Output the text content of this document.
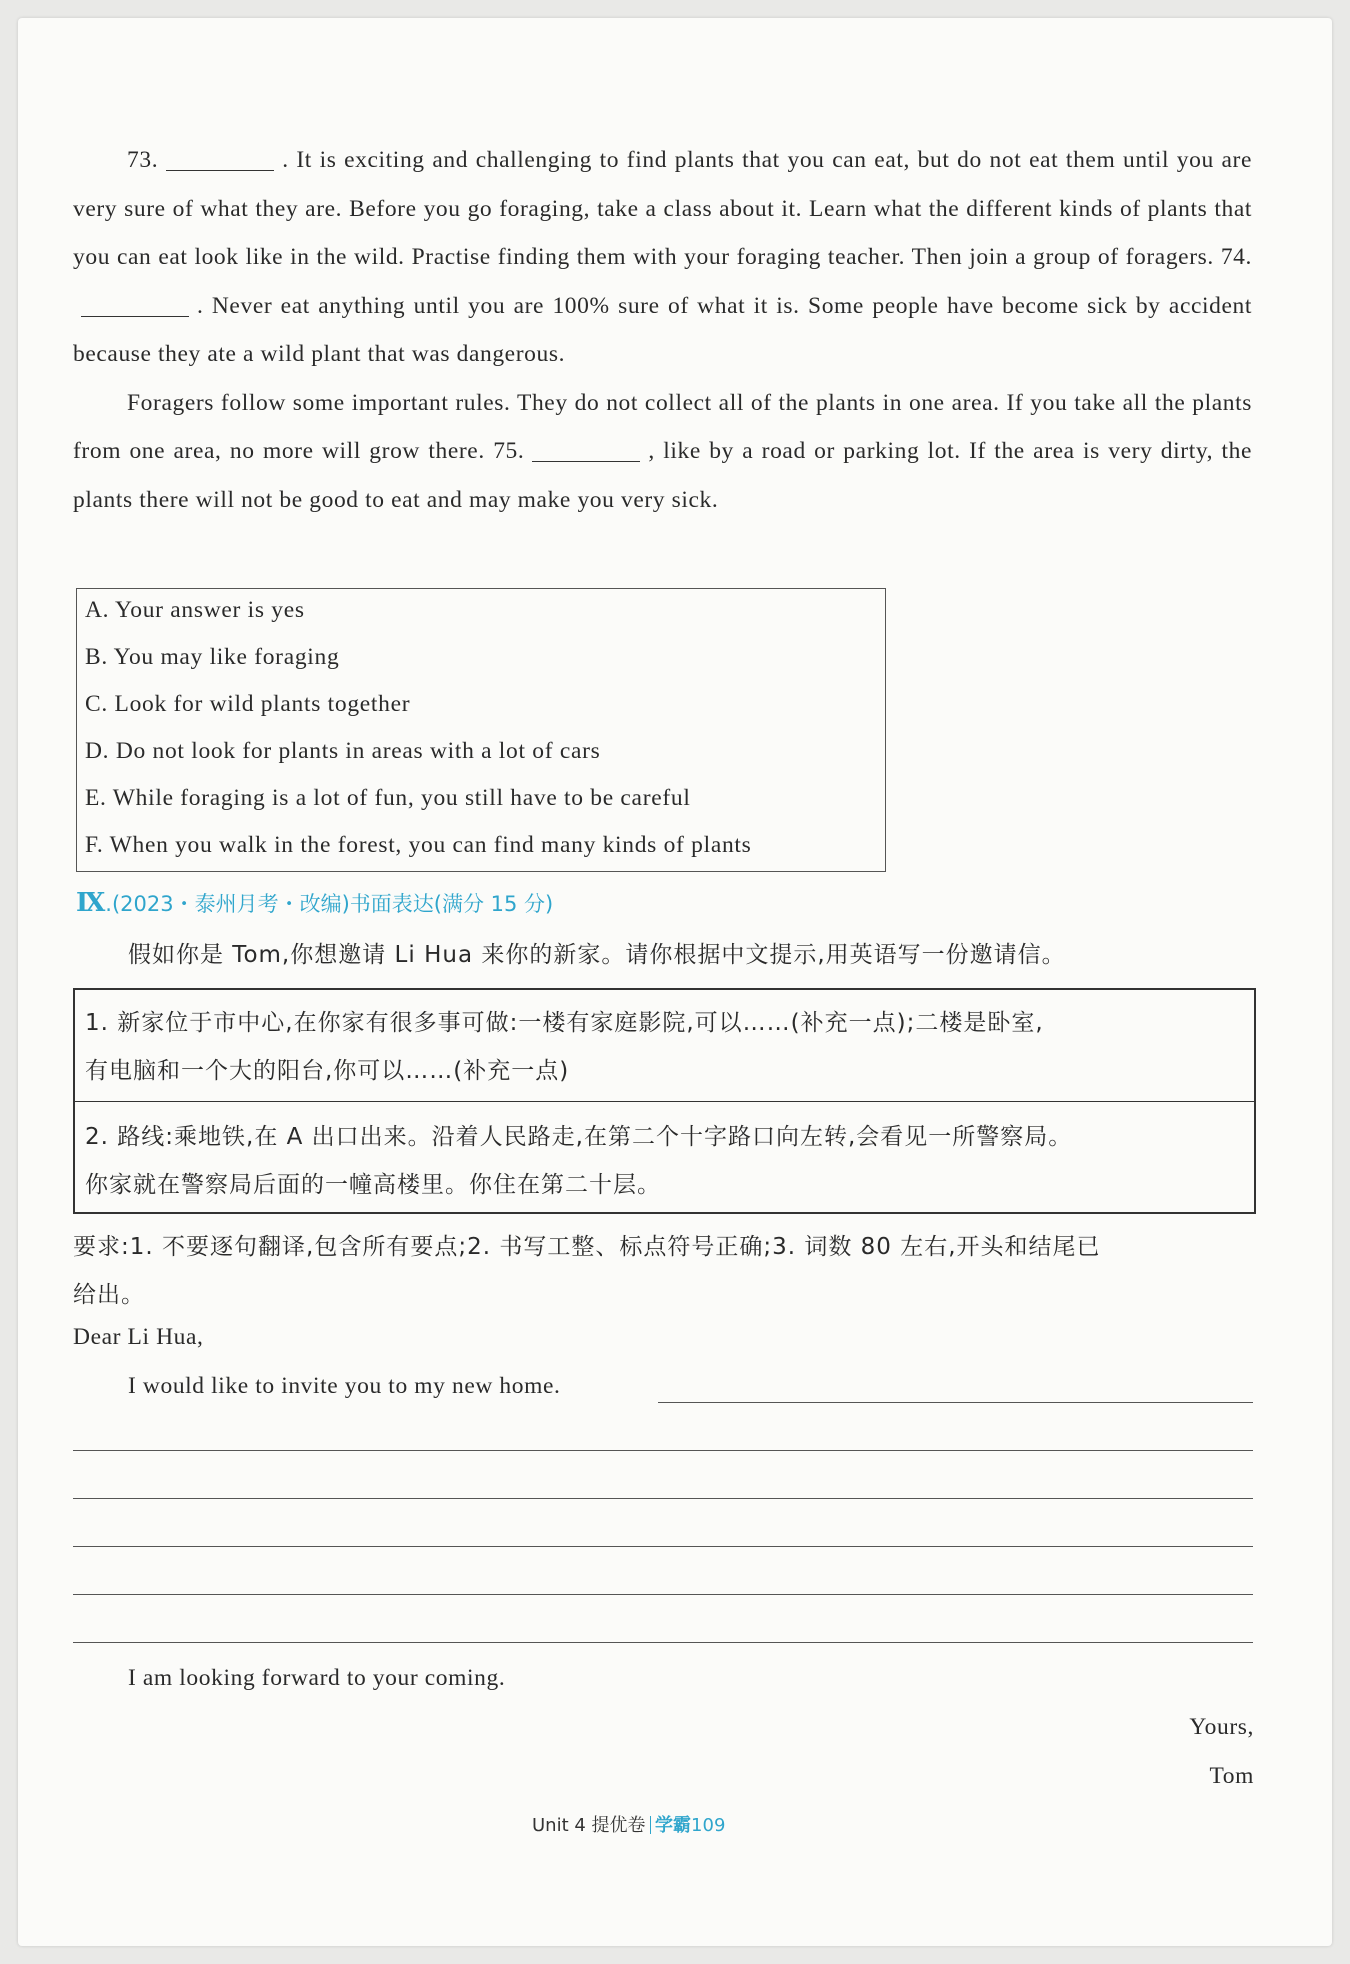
73.	. It is exciting and challenging to find plants that you can eat, but do not eat them until you are very sure of what they are. Before you go foraging, take a class about it. Learn what the different kinds of plants that you can eat look like in the wild. Practise finding them with your foraging teacher. Then join a group of foragers. 74.. Never eat anything until you are 100% sure of what it is. Some people have become sick by accident because they ate a wild plant that was dangerous.

Foragers follow some important rules. They do not collect all of the plants in one area. If you take all the plants from one area, no more will grow there. 75.	, like by a road or parking lot. If the area is very dirty, the plants there will not be good to eat and may make you very sick.

A. Your answer is yes
B. You may like foraging
C. Look for wild plants together
D. Do not look for plants in areas with a lot of cars
E. While foraging is a lot of fun, you still have to be careful
F. When you walk in the forest, you can find many kinds of plants
Ⅸ.(2023・泰州月考・改编)书面表达(满分 15 分)
假如你是 Tom,你想邀请 Li Hua 来你的新家。请你根据中文提示,用英语写一份邀请信。
1. 新家位于市中心,在你家有很多事可做:一楼有家庭影院,可以……(补充一点);二楼是卧室,
有电脑和一个大的阳台,你可以……(补充一点)
2. 路线:乘地铁,在 A 出口出来。沿着人民路走,在第二个十字路口向左转,会看见一所警察局。
你家就在警察局后面的一幢高楼里。你住在第二十层。
要求:1. 不要逐句翻译,包含所有要点;2. 书写工整、标点符号正确;3. 词数 80 左右,开头和结尾已
给出。
Dear Li Hua,
I would like to invite you to my new home.
I am looking forward to your coming.
Yours,
Tom
Unit 4 提优卷 学霸109
